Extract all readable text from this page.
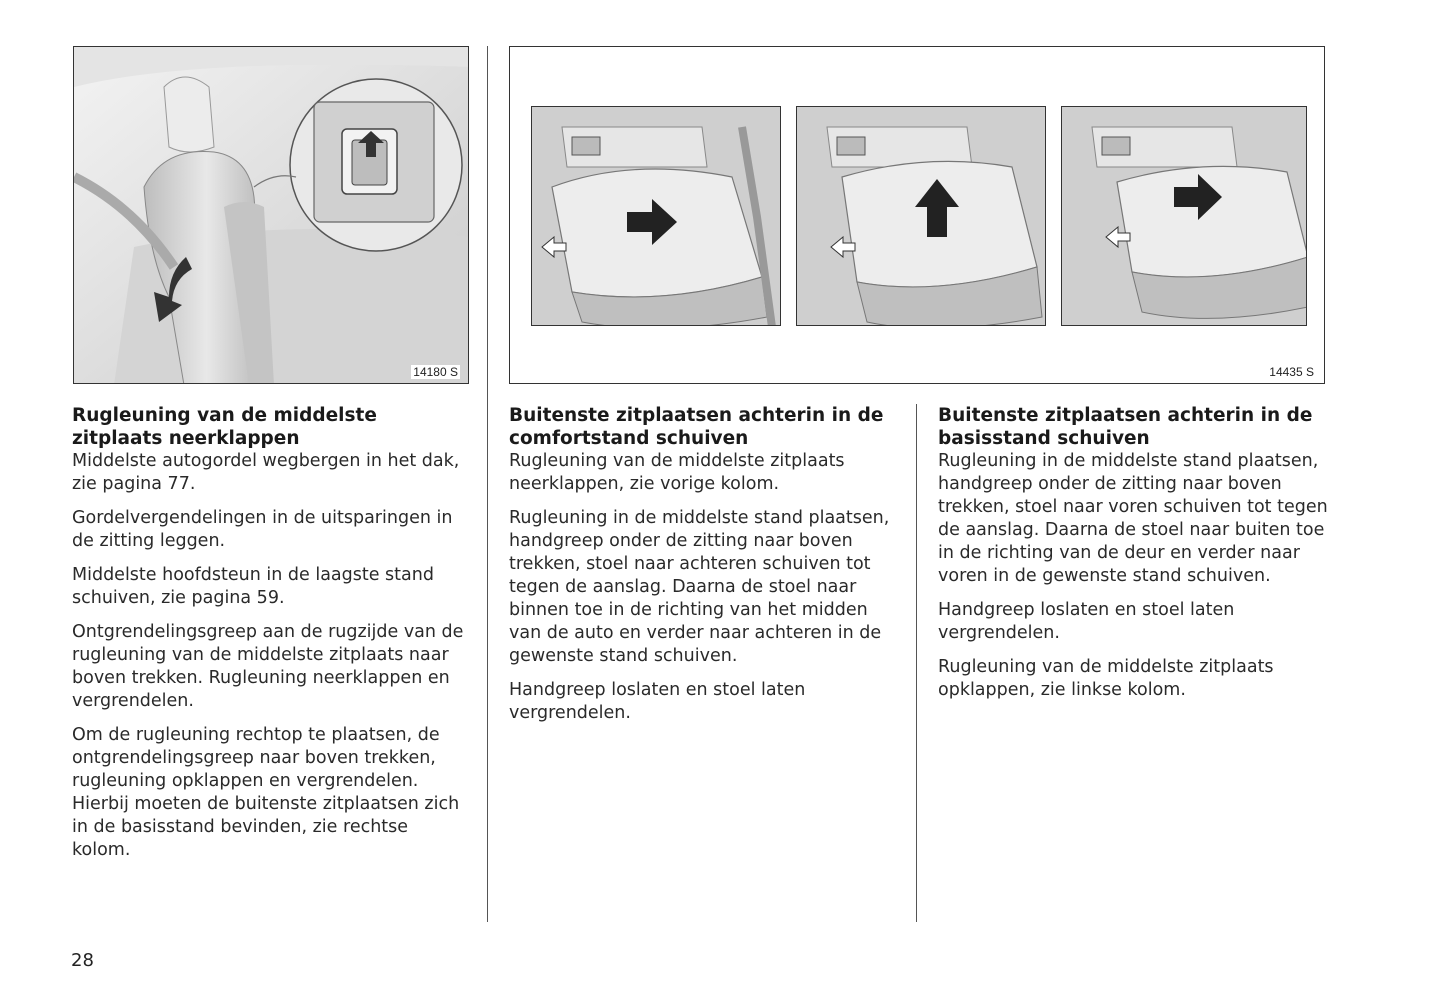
14180 S	14435 S
Rugleuning van de middelste zitplaats neerklappen

Middelste autogordel wegbergen in het dak, zie pagina 77.

Gordelvergendelingen in de uitsparingen in de zitting leggen.

Middelste hoofdsteun in de laagste stand schuiven, zie pagina 59.

Ontgrendelingsgreep aan de rugzijde van de rugleuning van de middelste zitplaats naar boven trekken. Rugleuning neerklappen en vergrendelen.

Om de rugleuning rechtop te plaatsen, de ontgrendelingsgreep naar boven trekken, rugleuning opklappen en vergrendelen. Hierbij moeten de buitenste zitplaatsen zich in de basisstand bevinden, zie rechtse kolom.

Buitenste zitplaatsen achterin in de comfortstand schuiven

Rugleuning van de middelste zitplaats neerklappen, zie vorige kolom.

Rugleuning in de middelste stand plaatsen, handgreep onder de zitting naar boven trekken, stoel naar achteren schuiven tot tegen de aanslag. Daarna de stoel naar binnen toe in de richting van het midden van de auto en verder naar achteren in de gewenste stand schuiven.

Handgreep loslaten en stoel laten vergrendelen.

Buitenste zitplaatsen achterin in de basisstand schuiven

Rugleuning in de middelste stand plaatsen, handgreep onder de zitting naar boven trekken, stoel naar voren schuiven tot tegen de aanslag. Daarna de stoel naar buiten toe in de richting van de deur en verder naar voren in de gewenste stand schuiven.

Handgreep loslaten en stoel laten vergrendelen.

Rugleuning van de middelste zitplaats opklappen, zie linkse kolom.

28
